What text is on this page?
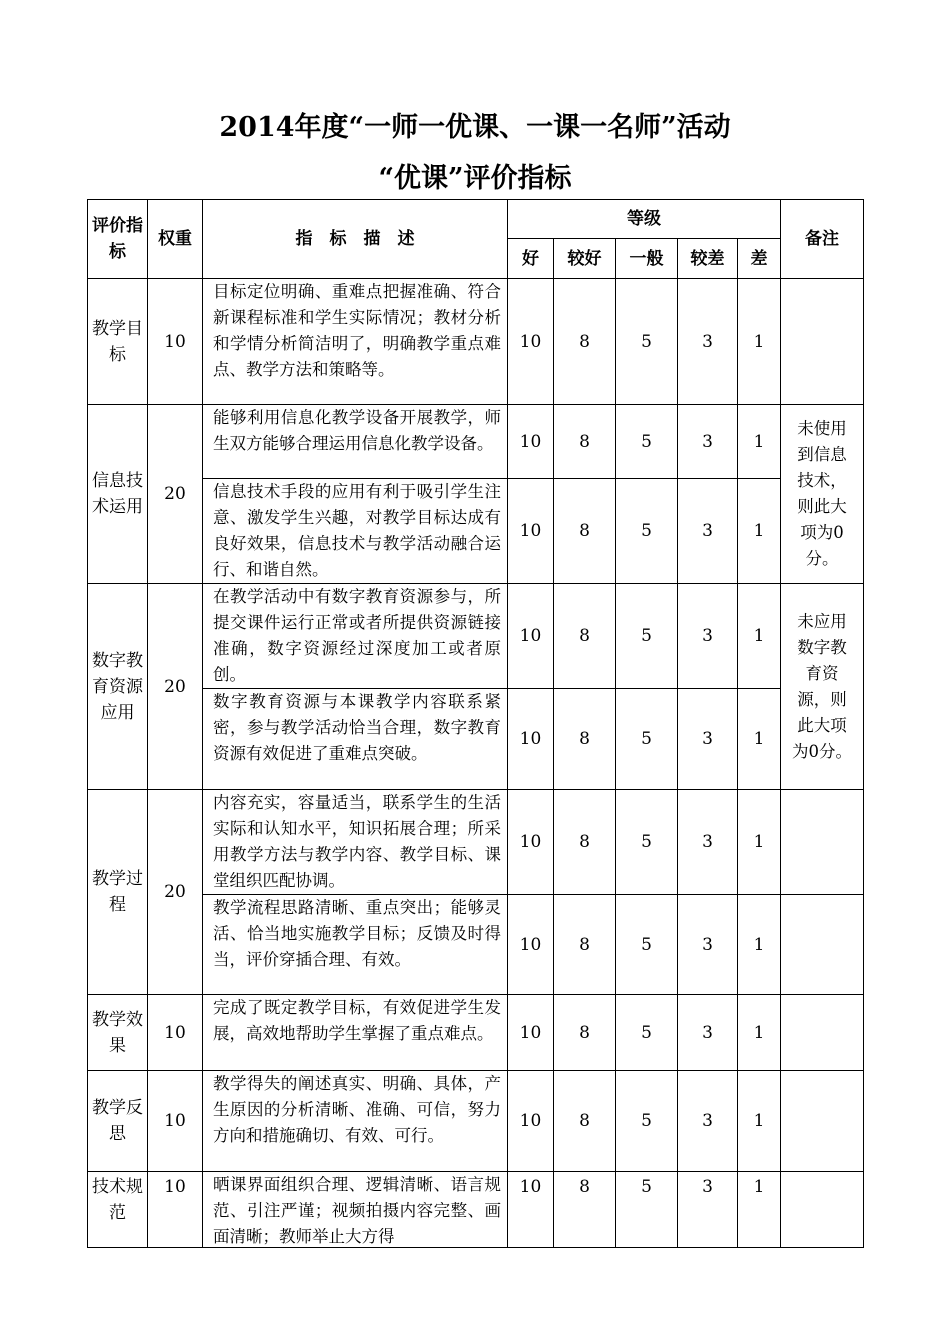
2014年度“一师一优课、一课一名师”活动
“优课”评价指标
评价指标	权重	指　标　描　述	等级					备注
			好	较好	一般	较差	差	
教学目标	10	目标定位明确、重难点把握准确、符合新课程标准和学生实际情况；教材分析和学情分析简洁明了，明确教学重点难点、教学方法和策略等。	10	8	5	3	1	
信息技术运用	20	能够利用信息化教学设备开展教学，师生双方能够合理运用信息化教学设备。	10	8	5	3	1	未使用到信息技术，则此大项为0分。
		信息技术手段的应用有利于吸引学生注意、激发学生兴趣，对教学目标达成有良好效果，信息技术与教学活动融合运行、和谐自然。	10	8	5	3	1	
数字教育资源应用	20	在教学活动中有数字教育资源参与，所提交课件运行正常或者所提供资源链接准确，数字资源经过深度加工或者原创。	10	8	5	3	1	未应用数字教育资源，则此大项为0分。
		数字教育资源与本课教学内容联系紧密，参与教学活动恰当合理，数字教育资源有效促进了重难点突破。	10	8	5	3	1	
教学过程	20	内容充实，容量适当，联系学生的生活实际和认知水平，知识拓展合理；所采用教学方法与教学内容、教学目标、课堂组织匹配协调。	10	8	5	3	1	
		教学流程思路清晰、重点突出；能够灵活、恰当地实施教学目标；反馈及时得当，评价穿插合理、有效。	10	8	5	3	1	
教学效果	10	完成了既定教学目标，有效促进学生发展，高效地帮助学生掌握了重点难点。	10	8	5	3	1	
教学反思	10	教学得失的阐述真实、明确、具体，产生原因的分析清晰、准确、可信，努力方向和措施确切、有效、可行。	10	8	5	3	1	
技术规范	10	晒课界面组织合理、逻辑清晰、语言规范、引注严谨；视频拍摄内容完整、画面清晰；教师举止大方得	10	8	5	3	1	
